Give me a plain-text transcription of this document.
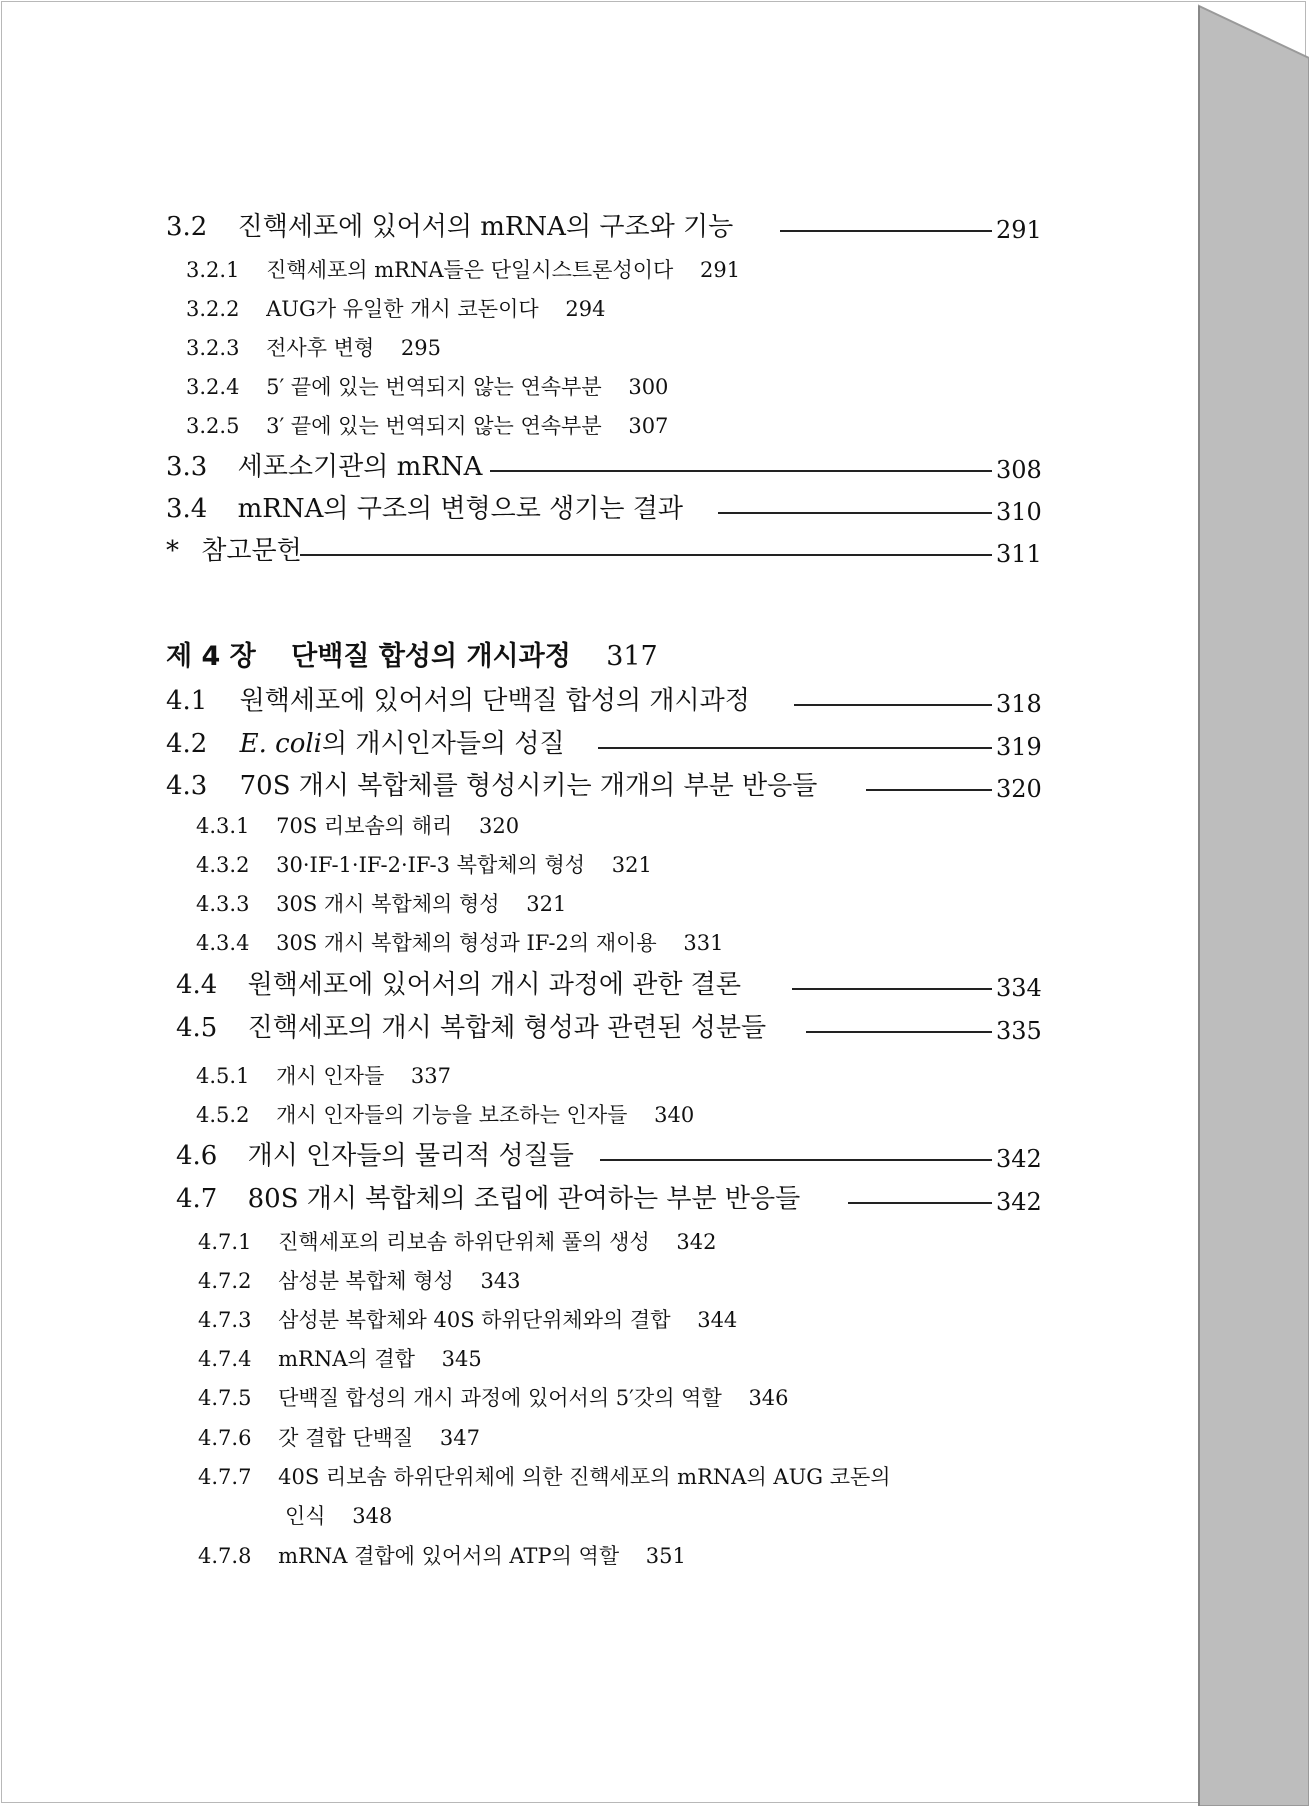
3.2 진핵세포에 있어서의 mRNA의 구조와 기능	291
3.2.1 진핵세포의 mRNA들은 단일시스트론성이다 291
3.2.2 AUG가 유일한 개시 코돈이다 294
3.2.3 전사후 변형 295
3.2.4 5′ 끝에 있는 번역되지 않는 연속부분 300
3.2.5 3′ 끝에 있는 번역되지 않는 연속부분 307
3.3 세포소기관의 mRNA	308
3.4 mRNA의 구조의 변형으로 생기는 결과	310
* 참고문헌	311
제 4 장 단백질 합성의 개시과정 317
4.1 원핵세포에 있어서의 단백질 합성의 개시과정	318
4.2 E. coli의 개시인자들의 성질	319
4.3 70S 개시 복합체를 형성시키는 개개의 부분 반응들	320
4.3.1 70S 리보솜의 해리 320
4.3.2 30·IF-1·IF-2·IF-3 복합체의 형성 321
4.3.3 30S 개시 복합체의 형성 321
4.3.4 30S 개시 복합체의 형성과 IF-2의 재이용 331
4.4 원핵세포에 있어서의 개시 과정에 관한 결론	334
4.5 진핵세포의 개시 복합체 형성과 관련된 성분들	335
4.5.1 개시 인자들 337
4.5.2 개시 인자들의 기능을 보조하는 인자들 340
4.6 개시 인자들의 물리적 성질들	342
4.7 80S 개시 복합체의 조립에 관여하는 부분 반응들	342
4.7.1 진핵세포의 리보솜 하위단위체 풀의 생성 342
4.7.2 삼성분 복합체 형성 343
4.7.3 삼성분 복합체와 40S 하위단위체와의 결합 344
4.7.4 mRNA의 결합 345
4.7.5 단백질 합성의 개시 과정에 있어서의 5′갓의 역할 346
4.7.6 갓 결합 단백질 347
4.7.7 40S 리보솜 하위단위체에 의한 진핵세포의 mRNA의 AUG 코돈의
인식 348
4.7.8 mRNA 결합에 있어서의 ATP의 역할 351
